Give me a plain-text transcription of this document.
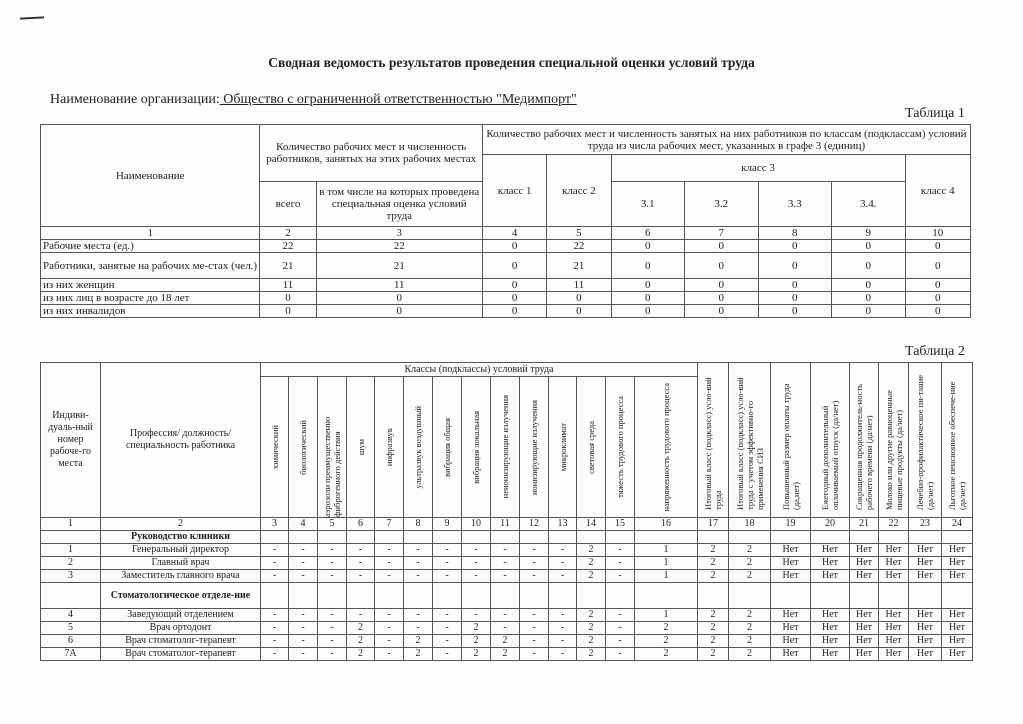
Сводная ведомость результатов проведения специальной оценки условий труда
Наименование организации: Общество с ограниченной ответственностью "Медимпорт"
Таблица 1
Наименование	Количество рабочих мест и численность работников, занятых на этих рабочих местах		Количество рабочих мест и численность занятых на них работников по классам (подклассам) условий труда из числа рабочих мест, указанных в графе 3 (единиц)						
			класс 1	класс 2	класс 3				класс 4
	всего	в том числе на которых проведена специальная оценка условий труда			3.1	3.2	3.3	3.4.	
1	2	3	4	5	6	7	8	9	10
Рабочие места (ед.)	22	22	0	22	0	0	0	0	0
Работники, занятые на рабочих ме-стах (чел.)	21	21	0	21	0	0	0	0	0
из них женщин	11	11	0	11	0	0	0	0	0
из них лиц в возрасте до 18 лет	0	0	0	0	0	0	0	0	0
из них инвалидов	0	0	0	0	0	0	0	0	0
Таблица 2
Индиви-дуаль-ный номер рабоче-го места	Профессия/ должность/ специальность работника	Классы (подклассы) условий труда														Итоговый класс (подкласс) усло-вий труда	Итоговый класс (подкласс) усло-вий труда с учетом эффективно-го применения СИЗ	Повышенный размер оплаты труда (да,нет)	Ежегодный дополнительный оплачиваемый отпуск (да/нет)	Сокращенная продолжитель-ность рабочего времени (да/нет)	Молоко или другие равноценные пищевые продукты (да/нет)	Лечебно-профилактическое пи-тание (да/нет)	Льготное пенсионное обеспече-ние (да/нет)

		химический	биологический	аэрозоли преимущественно фиброгенного действия	шум	инфразвук	ультразвук воздушный	вибрация общая	вибрация локальная	неионизирующие излучения	ионизирующие излучения	микроклимат	световая среда	тяжесть трудового процесса	напряженность трудового процесса								

1	2	3	4	5	6	7	8	9	10	11	12	13	14	15	16	17	18	19	20	21	22	23	24
	Руководство клиники																						
1	Генеральный директор	-	-	-	-	-	-	-	-	-	-	-	2	-	1	2	2	Нет	Нет	Нет	Нет	Нет	Нет
2	Главный врач	-	-	-	-	-	-	-	-	-	-	-	2	-	1	2	2	Нет	Нет	Нет	Нет	Нет	Нет
3	Заместитель главного врача	-	-	-	-	-	-	-	-	-	-	-	2	-	1	2	2	Нет	Нет	Нет	Нет	Нет	Нет
	Стоматологическое отделе-ние																						
4	Заведующий отделением	-	-	-	-	-	-	-	-	-	-	-	2	-	1	2	2	Нет	Нет	Нет	Нет	Нет	Нет
5	Врач ортодонт	-	-	-	2	-	-	-	2	-	-	-	2	-	2	2	2	Нет	Нет	Нет	Нет	Нет	Нет
6	Врач стоматолог-терапевт	-	-	-	2	-	2	-	2	2	-	-	2	-	2	2	2	Нет	Нет	Нет	Нет	Нет	Нет
7А	Врач стоматолог-терапевт	-	-	-	2	-	2	-	2	2	-	-	2	-	2	2	2	Нет	Нет	Нет	Нет	Нет	Нет
